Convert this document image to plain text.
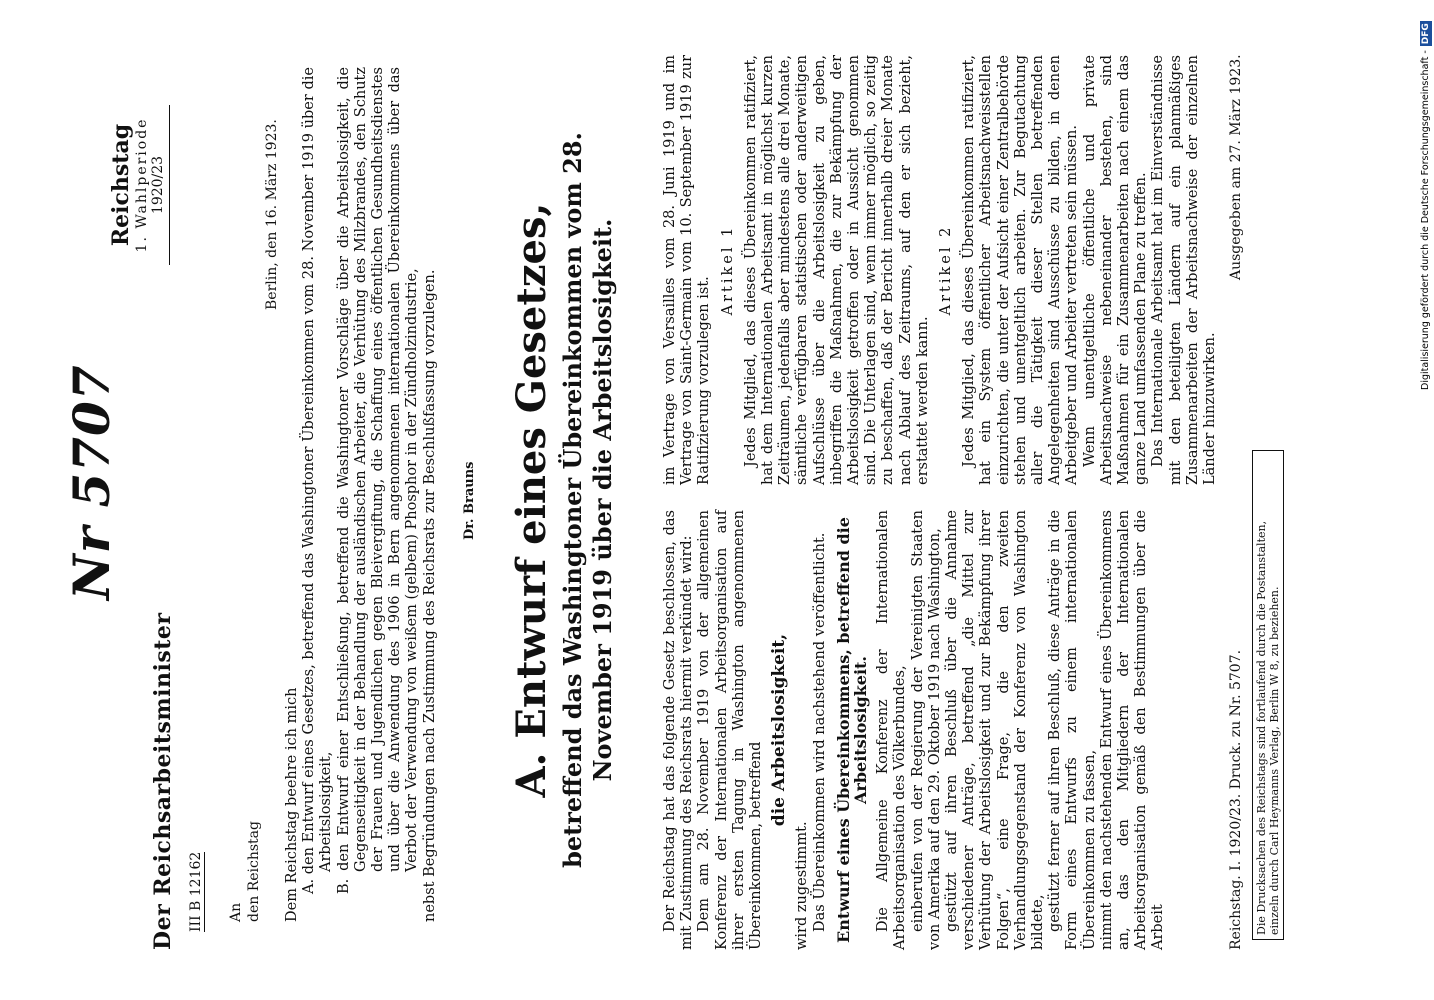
Der Reichsarbeitsminister III B 12162
Nr 5707
Reichstag 1. Wahlperiode 1920/23
An den Reichstag
Berlin, den 16. März 1923.

Dem Reichstag beehre ich mich A. den Entwurf eines Gesetzes, betreffend das Washingtoner Übereinkommen vom 28. November 1919 über die Arbeitslosigkeit, B. den Entwurf einer Entschließung, betreffend die Washingtoner Vorschläge über die Arbeitslosigkeit, die Gegenseitigkeit in der Behandlung der ausländischen Arbeiter, die Verhütung des Milzbrandes, den Schutz der Frauen und Jugendlichen gegen Bleivergiftung, die Schaffung eines öffentlichen Gesundheitsdienstes und über die Anwendung des 1906 in Bern angenommenen internationalen Übereinkommens über das Verbot der Verwendung von weißem (gelbem) Phosphor in der Zündholzindustrie, nebst Begründungen nach Zustimmung des Reichsrats zur Beschlußfassung vorzulegen. Dr. Brauns A. Entwurf eines Gesetzes, betreffend das Washingtoner Übereinkommen vom 28. November 1919 über die Arbeitslosigkeit.	Der Reichstag hat das folgende Gesetz beschlossen, das mit Zustimmung des Reichsrats hiermit verkündet wird: Dem am 28. November 1919 von der allgemeinen Konferenz der Internationalen Arbeitsorganisation auf ihrer ersten Tagung in Washington angenommenen Übereinkommen, betreffend

die Arbeitslosigkeit,

wird zugestimmt. Das Übereinkommen wird nachstehend veröffentlicht. Entwurf eines Übereinkommens, betreffend die Arbeitslosigkeit. Die Allgemeine Konferenz der Internationalen Arbeitsorganisation des Völkerbundes, einberufen von der Regierung der Vereinigten Staaten von Amerika auf den 29. Oktober 1919 nach Washington, gestützt auf ihren Beschluß über die Annahme verschiedener Anträge, betreffend „die Mittel zur Verhütung der Arbeitslosigkeit und zur Bekämpfung ihrer Folgen“, eine Frage, die den zweiten Verhandlungsgegenstand der Konferenz von Washington bildete, gestützt ferner auf ihren Beschluß, diese Anträge in die Form eines Entwurfs zu einem internationalen Übereinkommen zu fassen, nimmt den nachstehenden Entwurf eines Übereinkommens an, das den Mitgliedern der Internationalen Arbeitsorganisation gemäß den Bestimmungen über die Arbeit

im Vertrage von Versailles vom 28. Juni 1919 und im Vertrage von Saint-Germain vom 10. September 1919 zur Ratifizierung vorzulegen ist.

Artikel 1 Jedes Mitglied, das dieses Übereinkommen ratifiziert, hat dem Internationalen Arbeitsamt in möglichst kurzen Zeiträumen, jedenfalls aber mindestens alle drei Monate, sämtliche verfügbaren statistischen oder anderweitigen Aufschlüsse über die Arbeitslosigkeit zu geben, inbegriffen die Maßnahmen, die zur Bekämpfung der Arbeitslosigkeit getroffen oder in Aussicht genommen sind. Die Unterlagen sind, wenn immer möglich, so zeitig zu beschaffen, daß der Bericht innerhalb dreier Monate nach Ablauf des Zeitraums, auf den er sich bezieht, erstattet werden kann.

Artikel 2 Jedes Mitglied, das dieses Übereinkommen ratifiziert, hat ein System öffentlicher Arbeitsnachweisstellen einzurichten, die unter der Aufsicht einer Zentralbehörde stehen und unentgeltlich arbeiten. Zur Begutachtung aller die Tätigkeit dieser Stellen betreffenden Angelegenheiten sind Ausschüsse zu bilden, in denen Arbeitgeber und Arbeiter vertreten sein müssen. Wenn unentgeltliche öffentliche und private Arbeitsnachweise nebeneinander bestehen, sind Maßnahmen für ein Zusammenarbeiten nach einem das ganze Land umfassenden Plane zu treffen. Das Internationale Arbeitsamt hat im Einverständnisse mit den beteiligten Ländern auf ein planmäßiges Zusammenarbeiten der Arbeitsnachweise der einzelnen Länder hinzuwirken.

Reichstag. I. 1920/23. Druck. zu Nr. 5707.
Ausgegeben am 27. März 1923.
Die Drucksachen des Reichstags sind fortlaufend durch die Postanstalten, einzeln durch Carl Heymanns Verlag, Berlin W 8, zu beziehen.
Digitalisierung gefördert durch die Deutsche Forschungsgemeinschaft -DFG
